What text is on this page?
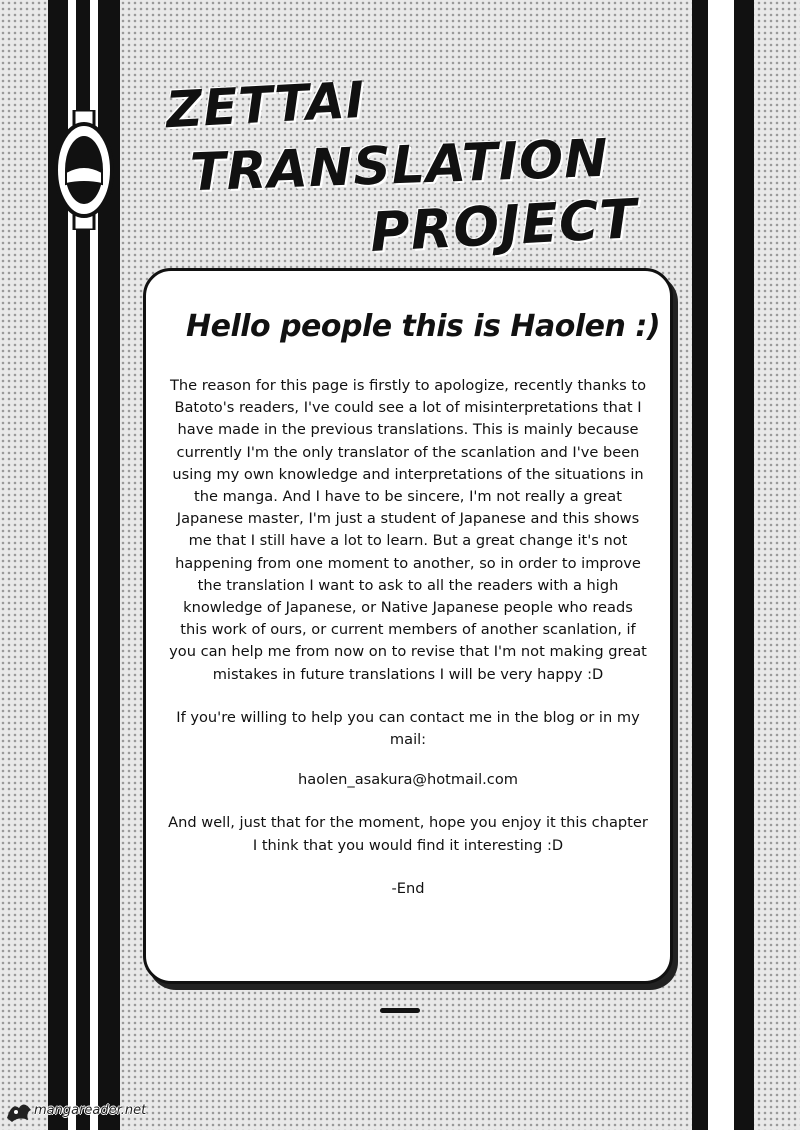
ZETTAI
TRANSLATION
PROJECT
Hello people this is Haolen :)

The reason for this page is firstly to apologize, recently thanks to Batoto's readers, I've could see a lot of misinterpretations that I have made in the previous translations. This is mainly because currently I'm the only translator of the scanlation and I've been using my own knowledge and interpretations of the situations in the manga. And I have to be sincere, I'm not really a great Japanese master, I'm just a student of Japanese and this shows me that I still have a lot to learn. But a great change it's not happening from one moment to another, so in order to improve the translation I want to ask to all the readers with a high knowledge of Japanese, or Native Japanese people who reads this work of ours, or current members of another scanlation, if you can help me from now on to revise that I'm not making great mistakes in future translations I will be very happy :D

If you're willing to help you can contact me in the blog or in my mail:

haolen_asakura@hotmail.com

And well, just that for the moment, hope you enjoy it this chapter I think that you would find it interesting :D

-End

mangareader.net
